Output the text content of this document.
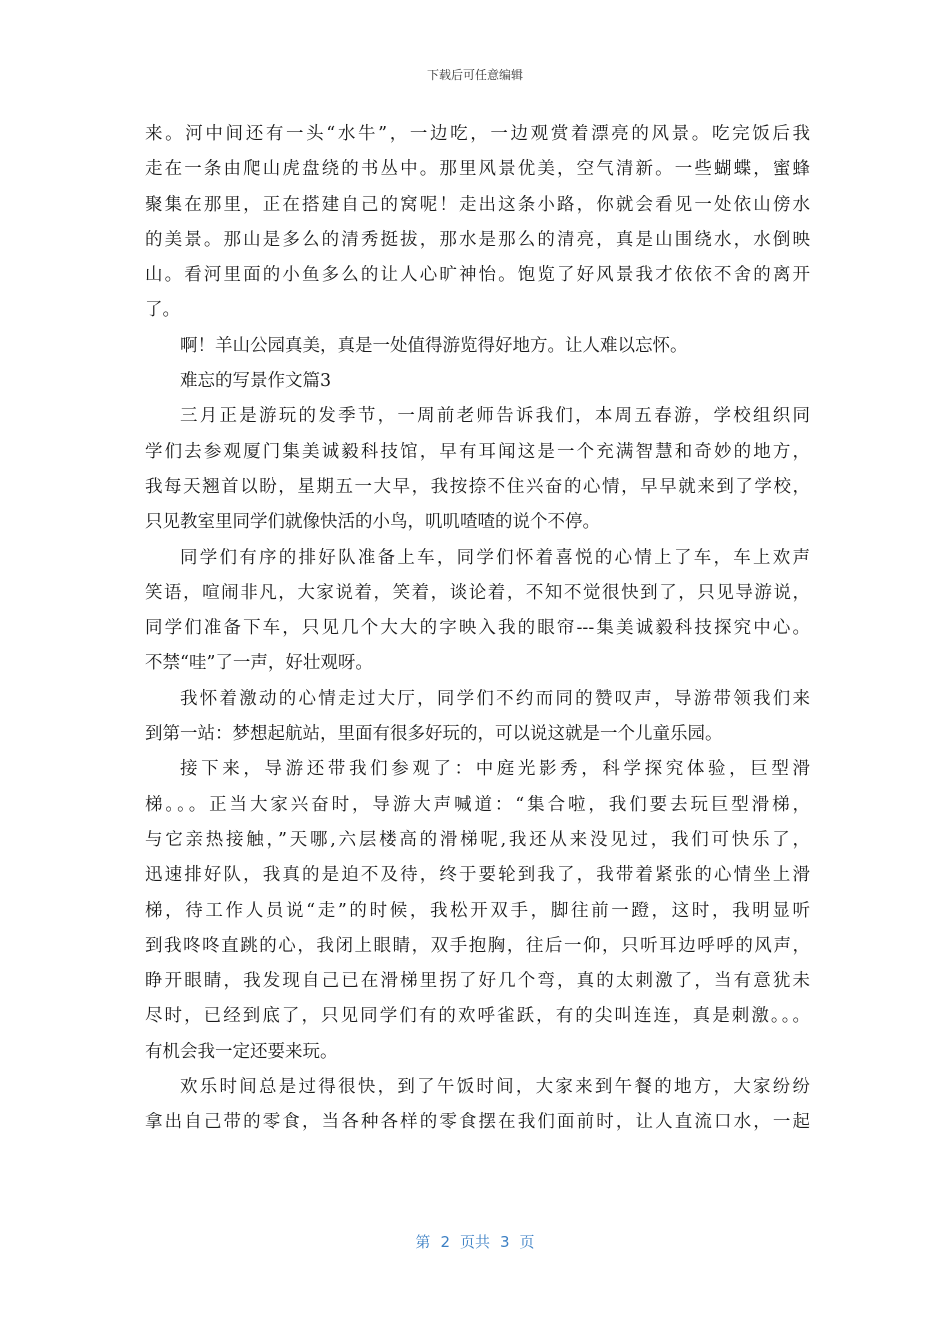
下载后可任意编辑
来。河中间还有一头“水牛”，一边吃，一边观赏着漂亮的风景。吃完饭后我
走在一条由爬山虎盘绕的书丛中。那里风景优美，空气清新。一些蝴蝶，蜜蜂
聚集在那里，正在搭建自己的窝呢！走出这条小路，你就会看见一处依山傍水
的美景。那山是多么的清秀挺拔，那水是那么的清亮，真是山围绕水，水倒映
山。看河里面的小鱼多么的让人心旷神怡。饱览了好风景我才依依不舍的离开
了。
啊！羊山公园真美，真是一处值得游览得好地方。让人难以忘怀。
难忘的写景作文篇3
三月正是游玩的发季节，一周前老师告诉我们，本周五春游，学校组织同
学们去参观厦门集美诚毅科技馆，早有耳闻这是一个充满智慧和奇妙的地方，
我每天翘首以盼，星期五一大早，我按捺不住兴奋的心情，早早就来到了学校，
只见教室里同学们就像快活的小鸟，叽叽喳喳的说个不停。
同学们有序的排好队准备上车，同学们怀着喜悦的心情上了车，车上欢声
笑语，喧闹非凡，大家说着，笑着，谈论着，不知不觉很快到了，只见导游说，
同学们准备下车，只见几个大大的字映入我的眼帘---集美诚毅科技探究中心。
不禁“哇”了一声，好壮观呀。
我怀着激动的心情走过大厅，同学们不约而同的赞叹声，导游带领我们来
到第一站：梦想起航站，里面有很多好玩的，可以说这就是一个儿童乐园。
接下来，导游还带我们参观了：中庭光影秀，科学探究体验，巨型滑
梯。。。正当大家兴奋时，导游大声喊道：“集合啦，我们要去玩巨型滑梯，
与它亲热接触，”天哪,六层楼高的滑梯呢,我还从来没见过，我们可快乐了，
迅速排好队，我真的是迫不及待，终于要轮到我了，我带着紧张的心情坐上滑
梯，待工作人员说“走”的时候，我松开双手，脚往前一蹬，这时，我明显听
到我咚咚直跳的心，我闭上眼睛，双手抱胸，往后一仰，只听耳边呼呼的风声，
睁开眼睛，我发现自己已在滑梯里拐了好几个弯，真的太刺激了，当有意犹未
尽时，已经到底了，只见同学们有的欢呼雀跃，有的尖叫连连，真是刺激。。。
有机会我一定还要来玩。
欢乐时间总是过得很快，到了午饭时间，大家来到午餐的地方，大家纷纷
拿出自己带的零食，当各种各样的零食摆在我们面前时，让人直流口水，一起
第 2 页共 3 页
